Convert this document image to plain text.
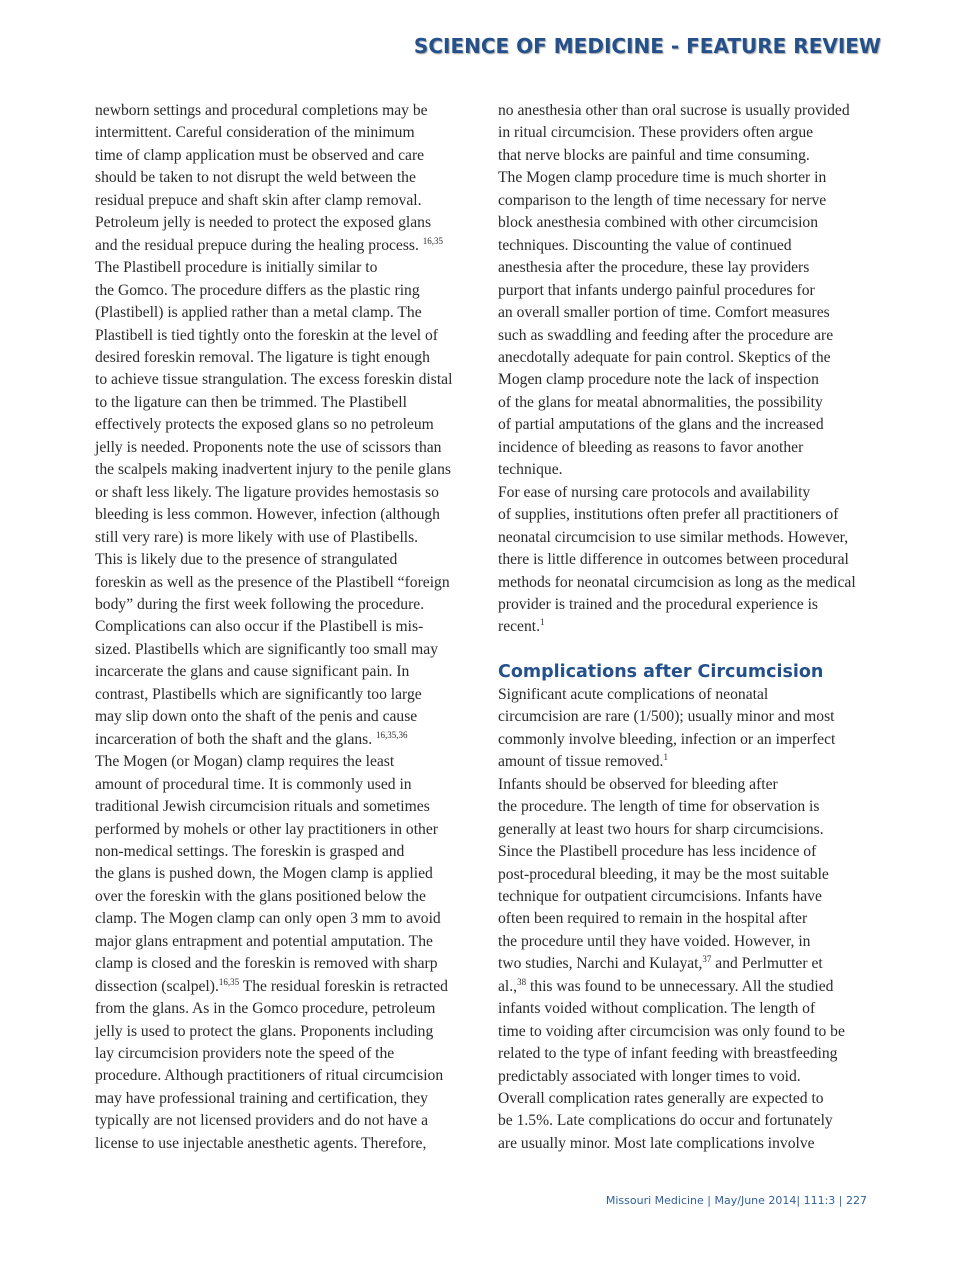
SCIENCE OF MEDICINE - FEATURE REVIEW

newborn settings and procedural completions may be
intermittent. Careful consideration of the minimum
time of clamp application must be observed and care
should be taken to not disrupt the weld between the
residual prepuce and shaft skin after clamp removal.
Petroleum jelly is needed to protect the exposed glans
and the residual prepuce during the healing process. $^{16,35}$

The Plastibell procedure is initially similar to
the Gomco. The procedure differs as the plastic ring
(Plastibell) is applied rather than a metal clamp. The
Plastibell is tied tightly onto the foreskin at the level of
desired foreskin removal. The ligature is tight enough
to achieve tissue strangulation. The excess foreskin distal
to the ligature can then be trimmed. The Plastibell
effectively protects the exposed glans so no petroleum
jelly is needed. Proponents note the use of scissors than
the scalpels making inadvertent injury to the penile glans
or shaft less likely. The ligature provides hemostasis so
bleeding is less common. However, infection (although
still very rare) is more likely with use of Plastibells.
This is likely due to the presence of strangulated
foreskin as well as the presence of the Plastibell “foreign
body” during the first week following the procedure.
Complications can also occur if the Plastibell is mis-
sized. Plastibells which are significantly too small may
incarcerate the glans and cause significant pain. In
contrast, Plastibells which are significantly too large
may slip down onto the shaft of the penis and cause
incarceration of both the shaft and the glans. $^{16,35,36}$

The Mogen (or Mogan) clamp requires the least
amount of procedural time. It is commonly used in
traditional Jewish circumcision rituals and sometimes
performed by mohels or other lay practitioners in other
non-medical settings. The foreskin is grasped and
the glans is pushed down, the Mogen clamp is applied
over the foreskin with the glans positioned below the
clamp. The Mogen clamp can only open 3 mm to avoid
major glans entrapment and potential amputation. The
clamp is closed and the foreskin is removed with sharp
dissection (scalpel).$^{16,35}$ The residual foreskin is retracted
from the glans. As in the Gomco procedure, petroleum
jelly is used to protect the glans. Proponents including
lay circumcision providers note the speed of the
procedure. Although practitioners of ritual circumcision
may have professional training and certification, they
typically are not licensed providers and do not have a
license to use injectable anesthetic agents. Therefore,

no anesthesia other than oral sucrose is usually provided
in ritual circumcision. These providers often argue
that nerve blocks are painful and time consuming.
The Mogen clamp procedure time is much shorter in
comparison to the length of time necessary for nerve
block anesthesia combined with other circumcision
techniques. Discounting the value of continued
anesthesia after the procedure, these lay providers
purport that infants undergo painful procedures for
an overall smaller portion of time. Comfort measures
such as swaddling and feeding after the procedure are
anecdotally adequate for pain control. Skeptics of the
Mogen clamp procedure note the lack of inspection
of the glans for meatal abnormalities, the possibility
of partial amputations of the glans and the increased
incidence of bleeding as reasons to favor another
technique.

For ease of nursing care protocols and availability
of supplies, institutions often prefer all practitioners of
neonatal circumcision to use similar methods. However,
there is little difference in outcomes between procedural
methods for neonatal circumcision as long as the medical
provider is trained and the procedural experience is
recent.$^1$

Complications after Circumcision

Significant acute complications of neonatal
circumcision are rare (1/500); usually minor and most
commonly involve bleeding, infection or an imperfect
amount of tissue removed.$^1$

Infants should be observed for bleeding after
the procedure. The length of time for observation is
generally at least two hours for sharp circumcisions.
Since the Plastibell procedure has less incidence of
post-procedural bleeding, it may be the most suitable
technique for outpatient circumcisions. Infants have
often been required to remain in the hospital after
the procedure until they have voided. However, in
two studies, Narchi and Kulayat,$^{37}$ and Perlmutter et
al.,$^{38}$ this was found to be unnecessary. All the studied
infants voided without complication. The length of
time to voiding after circumcision was only found to be
related to the type of infant feeding with breastfeeding
predictably associated with longer times to void.

Overall complication rates generally are expected to
be 1.5%. Late complications do occur and fortunately
are usually minor. Most late complications involve

Missouri Medicine | May/June 2014| 111:3 | 227
